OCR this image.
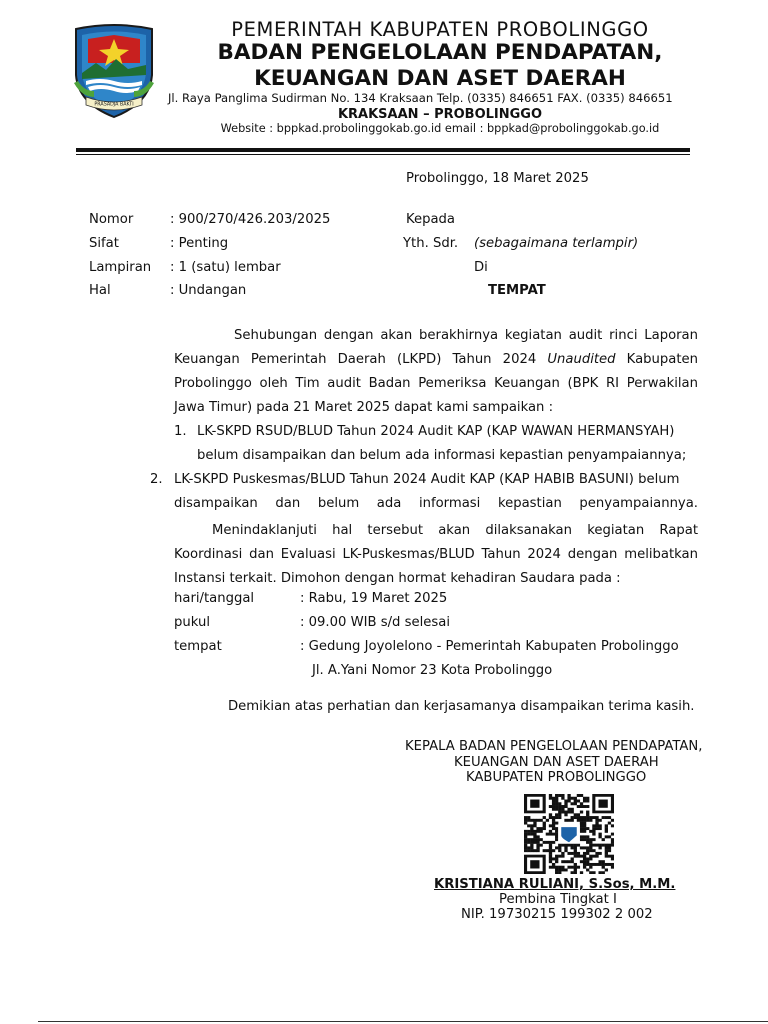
PRASADJA BAKTI
PEMERINTAH KABUPATEN PROBOLINGGO
BADAN PENGELOLAAN PENDAPATAN,
KEUANGAN DAN ASET DAERAH
Jl. Raya Panglima Sudirman No. 134 Kraksaan Telp. (0335) 846651 FAX. (0335) 846651
KRAKSAAN – PROBOLINGGO
Website : bppkad.probolinggokab.go.id email : bppkad@probolinggokab.go.id
Probolinggo, 18 Maret 2025
Nomor	: 900/270/426.203/2025
Sifat	: Penting
Lampiran : 1 (satu) lembar
Hal	: Undangan
Kepada
Yth. Sdr. (sebagaimana terlampir)
Di
TEMPAT
Sehubungan dengan akan berakhirnya kegiatan audit rinci Laporan Keuangan Pemerintah Daerah (LKPD) Tahun 2024 Unaudited Kabupaten Probolinggo oleh Tim audit Badan Pemeriksa Keuangan (BPK RI Perwakilan Jawa Timur) pada 21 Maret 2025 dapat kami sampaikan :
1. LK-SKPD RSUD/BLUD Tahun 2024 Audit KAP (KAP WAWAN HERMANSYAH)
belum disampaikan dan belum ada informasi kepastian penyampaiannya;
2. LK-SKPD Puskesmas/BLUD Tahun 2024 Audit KAP (KAP HABIB BASUNI) belum
disampaikan dan belum ada informasi kepastian penyampaiannya.
Menindaklanjuti hal tersebut akan dilaksanakan kegiatan Rapat Koordinasi dan Evaluasi LK-Puskesmas/BLUD Tahun 2024 dengan melibatkan Instansi terkait. Dimohon dengan hormat kehadiran Saudara pada :
hari/tanggal	: Rabu, 19 Maret 2025
pukul	: 09.00 WIB s/d selesai
tempat	: Gedung Joyolelono - Pemerintah Kabupaten Probolinggo
Jl. A.Yani Nomor 23 Kota Probolinggo
Demikian atas perhatian dan kerjasamanya disampaikan terima kasih.
KEPALA BADAN PENGELOLAAN PENDAPATAN,
KEUANGAN DAN ASET DAERAH
KABUPATEN PROBOLINGGO
KRISTIANA RULIANI, S.Sos, M.M.
Pembina Tingkat I
NIP. 19730215 199302 2 002
